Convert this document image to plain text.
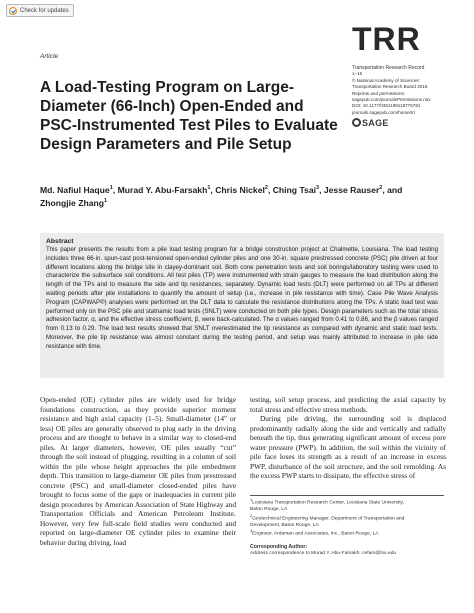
Check for updates
Article	TRR
Transportation Research Record
1–16
© National Academy of Sciences:
Transportation Research Board 2018
Reprints and permissions:
sagepub.com/journalsPermissions.nav
DOI: 10.1177/0361198118776781
journals.sagepub.com/home/trr
SAGE
A Load-Testing Program on Large-Diameter (66-Inch) Open-Ended and PSC-Instrumented Test Piles to Evaluate Design Parameters and Pile Setup
Md. Nafiul Haque$^1$, Murad Y. Abu-Farsakh$^1$, Chris Nickel$^2$, Ching Tsai$^3$, Jesse Rauser$^2$, and Zhongjie Zhang$^1$
Abstract
This paper presents the results from a pile load testing program for a bridge construction project at Chalmette, Louisiana. The load testing includes three 66-in. spun-cast post-tensioned open-ended cylinder piles and one 30-in. square prestressed concrete (PSC) pile driven at four different locations along the bridge site in clayey-dominant soil. Both cone penetration tests and soil borings/laboratory testing were used to characterize the subsurface soil conditions. All test piles (TP) were instrumented with strain gauges to measure the load distribution along the length of the TPs and to measure the side and tip resistances, separately. Dynamic load tests (DLT) were performed on all TPs at different waiting periods after pile installations to quantify the amount of setup (i.e., increase in pile resistance with time). Case Pile Wave Analysis Program (CAPWAP®) analyses were performed on the DLT data to calculate the resistance distributions along the TPs. A static load test was performed only on the PSC pile and statnamic load tests (SNLT) were conducted on both pile types. Design parameters such as the total stress adhesion factor, α, and the effective stress coefficient, β, were back-calculated. The α values ranged from 0.41 to 0.86, and the β values ranged from 0.13 to 0.29. The load test results showed that SNLT overestimated the tip resistance as compared with dynamic and static load tests. Moreover, the pile tip resistance was almost constant during the testing period, and setup was mainly attributed to increase in pile side resistance with time.

Open-ended (OE) cylinder piles are widely used for bridge foundations construction, as they provide superior moment resistance and high axial capacity (1–5). Small-diameter (14″ or less) OE piles are generally observed to plug early in the driving process and are thought to behave in a similar way to closed-end piles. At larger diameters, however, OE piles usually “cut” through the soil instead of plugging, resulting in a column of soil within the pile whose height approaches the pile embedment depth. This transition to large-diameter OE piles from prestressed concrete (PSC) and small-diameter closed-ended piles have brought to focus some of the gaps or inadequacies in current pile design procedures by American Association of State Highway and Transportation Officials and American Petroleum Institute. However, very few full-scale field studies were conducted and reported on large-diameter OE cylinder piles to examine their behavior during driving, load

testing, soil setup process, and predicting the axial capacity by total stress and effective stress methods.

During pile driving, the surrounding soil is displaced predominantly radially along the side and vertically and radially beneath the tip, thus generating significant amount of excess pore water pressure (PWP). In addition, the soil within the vicinity of pile face loses its strength as a result of an increase in excess PWP, disturbance of the soil structure, and the soil remolding. As the excess PWP starts to dissipate, the effective stress of

$^1$Louisiana Transportation Research Center, Louisiana State University,
Baton Rouge, LA
$^2$Geotechnical Engineering Manager, Department of Transportation and
Development, Baton Rouge, LA
$^3$Engineer, Ardaman and Associates, Inc., Baton Rouge, LA
Corresponding Author:
Address correspondence to Murad Y. Abu-Farsakh: cefars@lsu.edu
